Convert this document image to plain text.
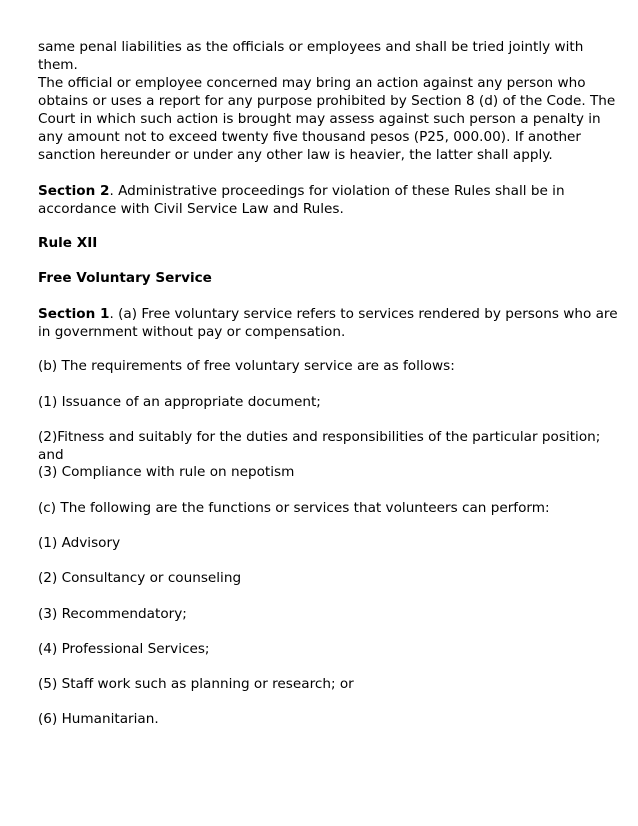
same penal liabilities as the officials or employees and shall be tried jointly with them.

The official or employee concerned may bring an action against any person who obtains or uses a report for any purpose prohibited by Section 8 (d) of the Code. The Court in which such action is brought may assess against such person a penalty in any amount not to exceed twenty five thousand pesos (P25, 000.00). If another sanction hereunder or under any other law is heavier, the latter shall apply.

Section 2. Administrative proceedings for violation of these Rules shall be in accordance with Civil Service Law and Rules.

Rule XII

Free Voluntary Service

Section 1. (a) Free voluntary service refers to services rendered by persons who are in government without pay or compensation.

(b) The requirements of free voluntary service are as follows:

(1) Issuance of an appropriate document;

(2)Fitness and suitably for the duties and responsibilities of the particular position; and

(3) Compliance with rule on nepotism

(c) The following are the functions or services that volunteers can perform:

(1) Advisory

(2) Consultancy or counseling

(3) Recommendatory;

(4) Professional Services;

(5) Staff work such as planning or research; or

(6) Humanitarian.
